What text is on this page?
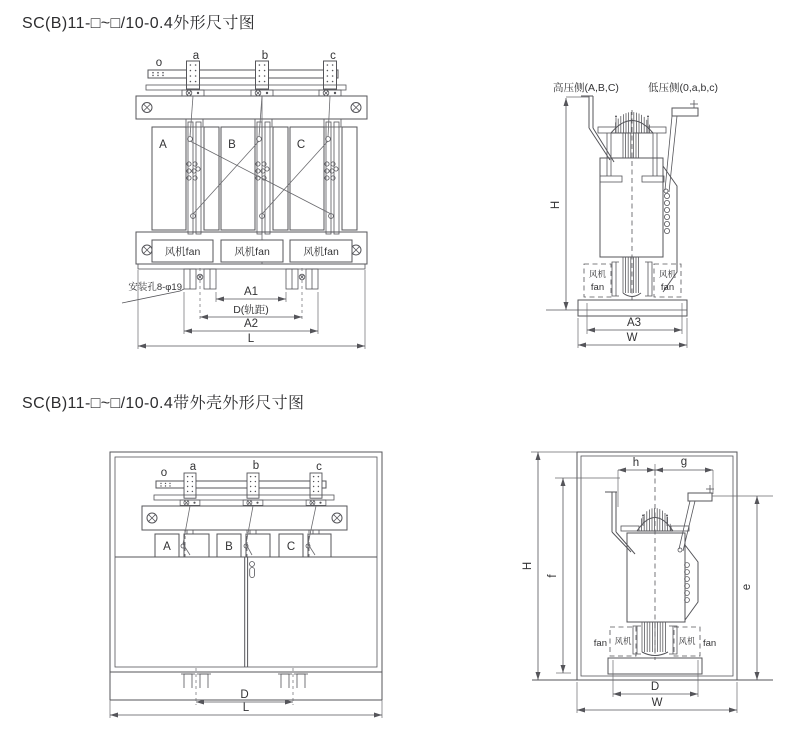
SC(B)11-□~□/10-0.4外形尺寸图
SC(B)11-□~□/10-0.4带外壳外形尺寸图
o
a	b	c
A	B	C
风机fan	风机fan	风机fan
安装孔8-φ19	A1
D(轨距)
A2
L
高压侧(A,B,C)	低压侧(0,a,b,c)
风机
fan
风机
fan
H
A3
W
o a	b	c
A	B	C
D
L
风机
fan	风机 fan
H
f
h	g
e
D
W
